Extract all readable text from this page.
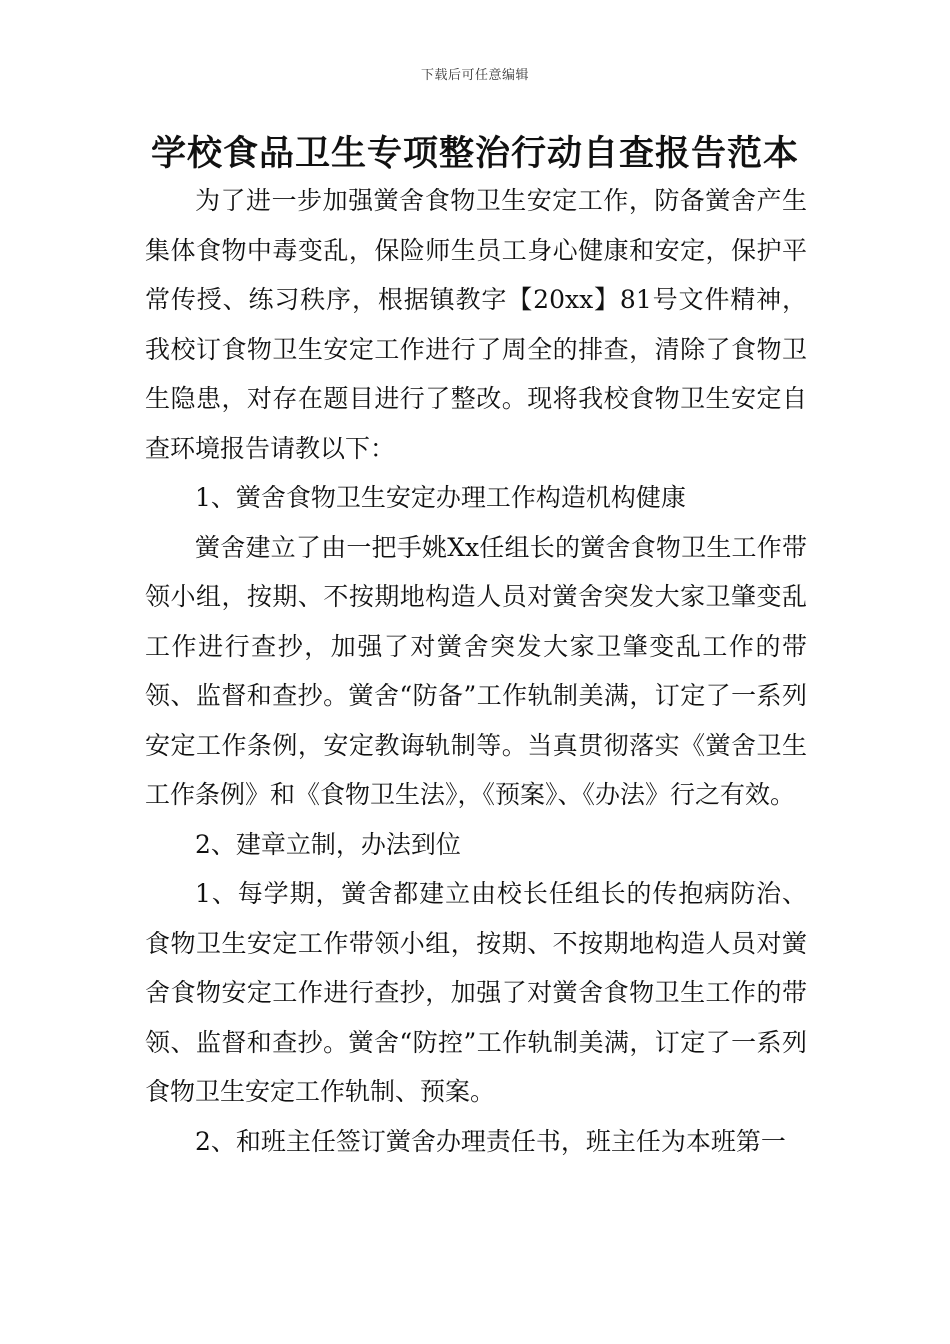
下载后可任意编辑
学校食品卫生专项整治行动自查报告范本

为了进一步加强黉舍食物卫生安定工作，防备黉舍产生集体食物中毒变乱，保险师生员工身心健康和安定，保护平常传授、练习秩序，根据镇教字【20xx】81号文件精神，我校订食物卫生安定工作进行了周全的排查，清除了食物卫生隐患，对存在题目进行了整改。现将我校食物卫生安定自查环境报告请教以下：

1、黉舍食物卫生安定办理工作构造机构健康

黉舍建立了由一把手姚Xx任组长的黉舍食物卫生工作带领小组，按期、不按期地构造人员对黉舍突发大家卫肇变乱工作进行查抄，加强了对黉舍突发大家卫肇变乱工作的带领、监督和查抄。黉舍“防备”工作轨制美满，订定了一系列安定工作条例，安定教诲轨制等。当真贯彻落实《黉舍卫生工作条例》和《食物卫生法》，《预案》、《办法》行之有效。

2、建章立制，办法到位

1、每学期，黉舍都建立由校长任组长的传抱病防治、食物卫生安定工作带领小组，按期、不按期地构造人员对黉舍食物安定工作进行查抄，加强了对黉舍食物卫生工作的带领、监督和查抄。黉舍“防控”工作轨制美满，订定了一系列食物卫生安定工作轨制、预案。

2、和班主任签订黉舍办理责任书，班主任为本班第一
